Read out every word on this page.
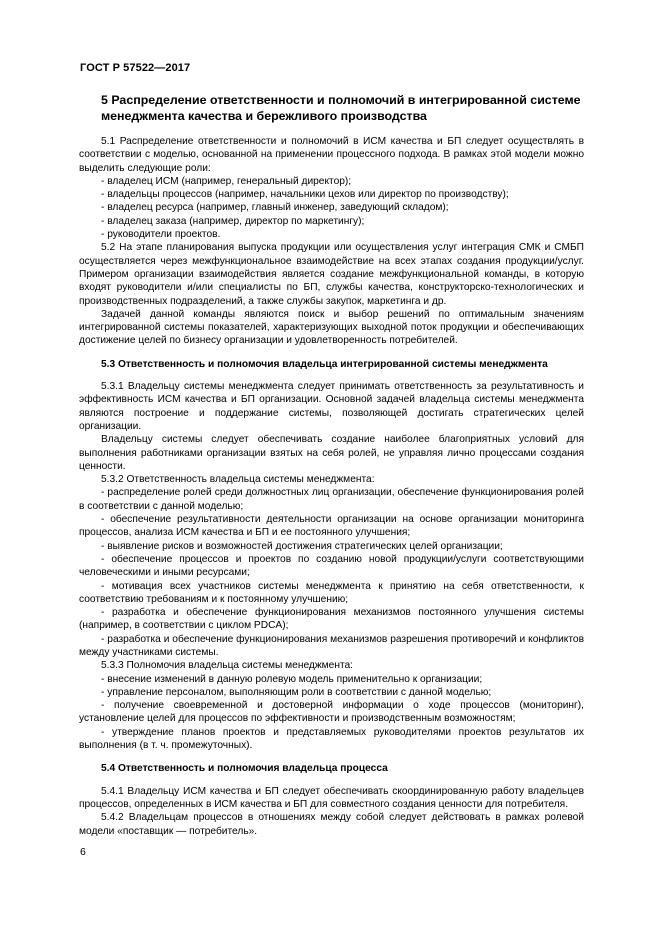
ГОСТ Р 57522—2017

5 Распределение ответственности и полномочий в интегрированной системе менеджмента качества и бережливого производства

5.1 Распределение ответственности и полномочий в ИСМ качества и БП следует осуществлять в соответствии с моделью, основанной на применении процессного подхода. В рамках этой модели можно выделить следующие роли:

- владелец ИСМ (например, генеральный директор);

- владельцы процессов (например, начальники цехов или директор по производству);

- владелец ресурса (например, главный инженер, заведующий складом);

- владелец заказа (например, директор по маркетингу);

- руководители проектов.

5.2 На этапе планирования выпуска продукции или осуществления услуг интеграция СМК и СМБП осуществляется через межфункциональное взаимодействие на всех этапах создания продукции/услуг. Примером организации взаимодействия является создание межфункциональной команды, в которую входят руководители и/или специалисты по БП, службы качества, конструкторско-технологических и производственных подразделений, а также службы закупок, маркетинга и др.

Задачей данной команды являются поиск и выбор решений по оптимальным значениям интегрированной системы показателей, характеризующих выходной поток продукции и обеспечивающих достижение целей по бизнесу организации и удовлетворенность потребителей.

5.3 Ответственность и полномочия владельца интегрированной системы менеджмента

5.3.1 Владельцу системы менеджмента следует принимать ответственность за результативность и эффективность ИСМ качества и БП организации. Основной задачей владельца системы менеджмента являются построение и поддержание системы, позволяющей достигать стратегических целей организации.

Владельцу системы следует обеспечивать создание наиболее благоприятных условий для выполнения работниками организации взятых на себя ролей, не управляя лично процессами создания ценности.

5.3.2 Ответственность владельца системы менеджмента:

- распределение ролей среди должностных лиц организации, обеспечение функционирования ролей в соответствии с данной моделью;

- обеспечение результативности деятельности организации на основе организации мониторинга процессов, анализа ИСМ качества и БП и ее постоянного улучшения;

- выявление рисков и возможностей достижения стратегических целей организации;

- обеспечение процессов и проектов по созданию новой продукции/услуги соответствующими человеческими и иными ресурсами;

- мотивация всех участников системы менеджмента к принятию на себя ответственности, к соответствию требованиям и к постоянному улучшению;

- разработка и обеспечение функционирования механизмов постоянного улучшения системы (например, в соответствии с циклом PDCA);

- разработка и обеспечение функционирования механизмов разрешения противоречий и конфликтов между участниками системы.

5.3.3 Полномочия владельца системы менеджмента:

- внесение изменений в данную ролевую модель применительно к организации;

- управление персоналом, выполняющим роли в соответствии с данной моделью;

- получение своевременной и достоверной информации о ходе процессов (мониторинг), установление целей для процессов по эффективности и производственным возможностям;

- утверждение планов проектов и представляемых руководителями проектов результатов их выполнения (в т. ч. промежуточных).

5.4 Ответственность и полномочия владельца процесса

5.4.1 Владельцу ИСМ качества и БП следует обеспечивать скоординированную работу владельцев процессов, определенных в ИСМ качества и БП для совместного создания ценности для потребителя.

5.4.2 Владельцам процессов в отношениях между собой следует действовать в рамках ролевой модели «поставщик — потребитель».

6
